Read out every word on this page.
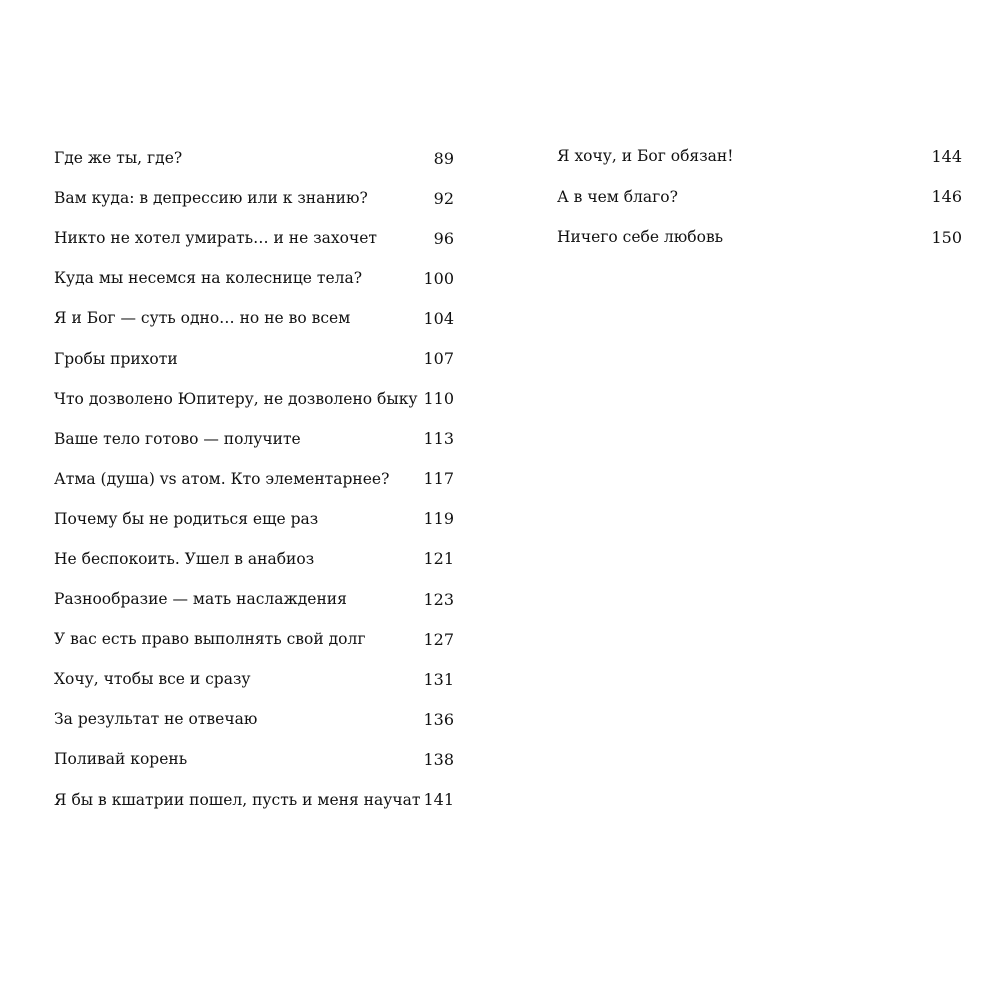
Где же ты, где?	89
Вам куда: в депрессию или к знанию?	92
Никто не хотел умирать… и не захочет	96
Куда мы несемся на колеснице тела?	100
Я и Бог — суть одно… но не во всем	104
Гробы прихоти	107
Что дозволено Юпитеру, не дозволено быку 110
Ваше тело готово — получите	113
Атма (душа) vs атом. Кто элементарнее? 117
Почему бы не родиться еще раз	119
Не беспокоить. Ушел в анабиоз	121
Разнообразие — мать наслаждения	123
У вас есть право выполнять свой долг	127
Хочу, чтобы все и сразу	131
За результат не отвечаю	136
Поливай корень	138
Я бы в кшатрии пошел, пусть и меня научат 141
Я хочу, и Бог обязан!	144
А в чем благо?	146
Ничего себе любовь	150
